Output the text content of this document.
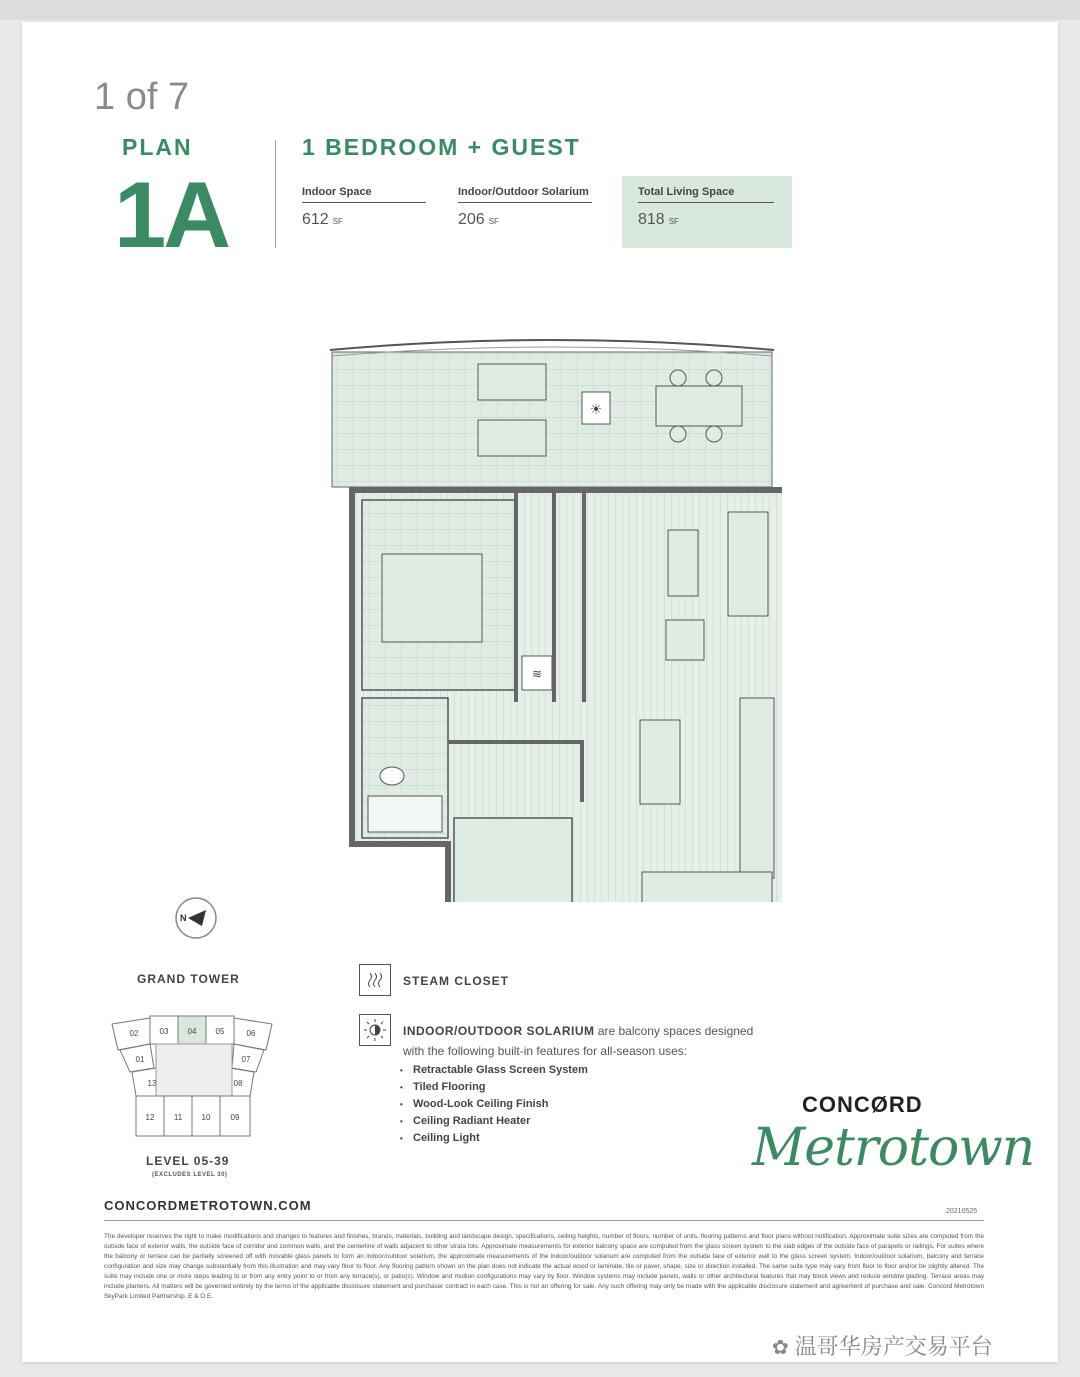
1 of 7
PLAN
1A
1 BEDROOM + GUEST
Indoor Space
612 SF
Indoor/Outdoor Solarium
206 SF
Total Living Space
818 SF
☀
≋
N
GRAND TOWER
02	03 04 05	06
01	07
13	08
12 11 10	09
LEVEL 05-39
(EXCLUDES LEVEL 30)
STEAM CLOSET
INDOOR/OUTDOOR SOLARIUM are balcony spaces designed
with the following built-in features for all-season uses:
• Retractable Glass Screen System
• Tiled Flooring
• Wood-Look Ceiling Finish
• Ceiling Radiant Heater
• Ceiling Light
CONCØRD
Metrotown
CONCORDMETROTOWN.COM	20210525
The developer reserves the right to make modifications and changes to features and finishes, brands, materials, building and landscape design, specifications, ceiling heights, number of floors, number of units, flooring patterns and floor plans without notification. Approximate suite sizes are computed from the outside face of exterior walls, the outside face of corridor and common walls, and the centerline of walls adjacent to other strata lots. Approximate measurements for exterior balcony space are computed from the glass screen system to the slab edges of the outside face of parapets or railings. For suites where the balcony or terrace can be partially screened off with movable glass panels to form an indoor/outdoor solarium, the approximate measurements of the indoor/outdoor solarium are computed from the outside face of exterior wall to the glass screen system. Indoor/outdoor solarium, balcony and terrace configuration and size may change substantially from this illustration and may vary floor to floor. Any flooring pattern shown on the plan does not indicate the actual wood or laminate, tile or paver, shape, size or direction installed. The same suite type may vary from floor to floor and/or be slightly altered. The suite may include one or more steps leading to or from any entry point to or from any terrace(s), or patio(s). Window and mullion configurations may vary by floor. Window systems may include panels, walls or other architectural features that may block views and reduce window glazing. Terrace areas may include planters. All matters will be governed entirely by the terms of the applicable disclosure statement and purchaser contract in each case. This is not an offering for sale. Any such offering may only be made with the applicable disclosure statement and agreement of purchase and sale. Concord Metrotown SkyPark Limited Partnership. E & O.E.
✿ 温哥华房产交易平台
